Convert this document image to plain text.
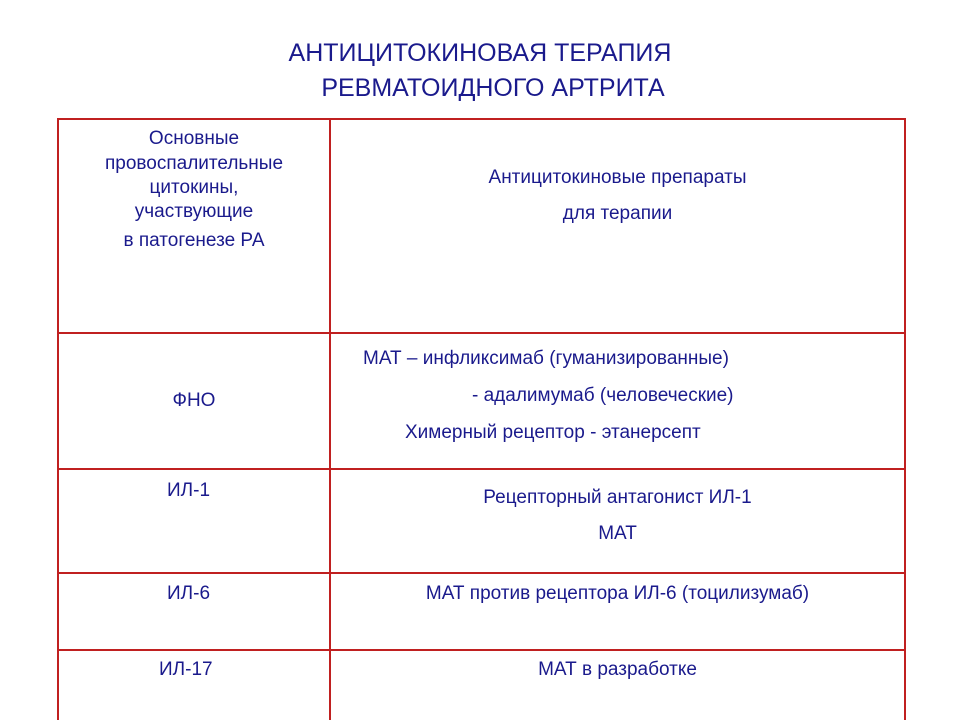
АНТИЦИТОКИНОВАЯ ТЕРАПИЯ
РЕВМАТОИДНОГО АРТРИТА
Основные
провоспалительные
цитокины,
участвующие
в патогенезе РА	Антицитокиновые препараты
для терапии

ФНО	МАТ – инфликсимаб (гуманизированные)
- адалимумаб (человеческие)
Химерный рецептор - этанерсепт

ИЛ-1	Рецепторный антагонист ИЛ-1
МАТ

ИЛ-6	МАТ против рецептора ИЛ-6 (тоцилизумаб)

ИЛ-17	МАТ в разработке
